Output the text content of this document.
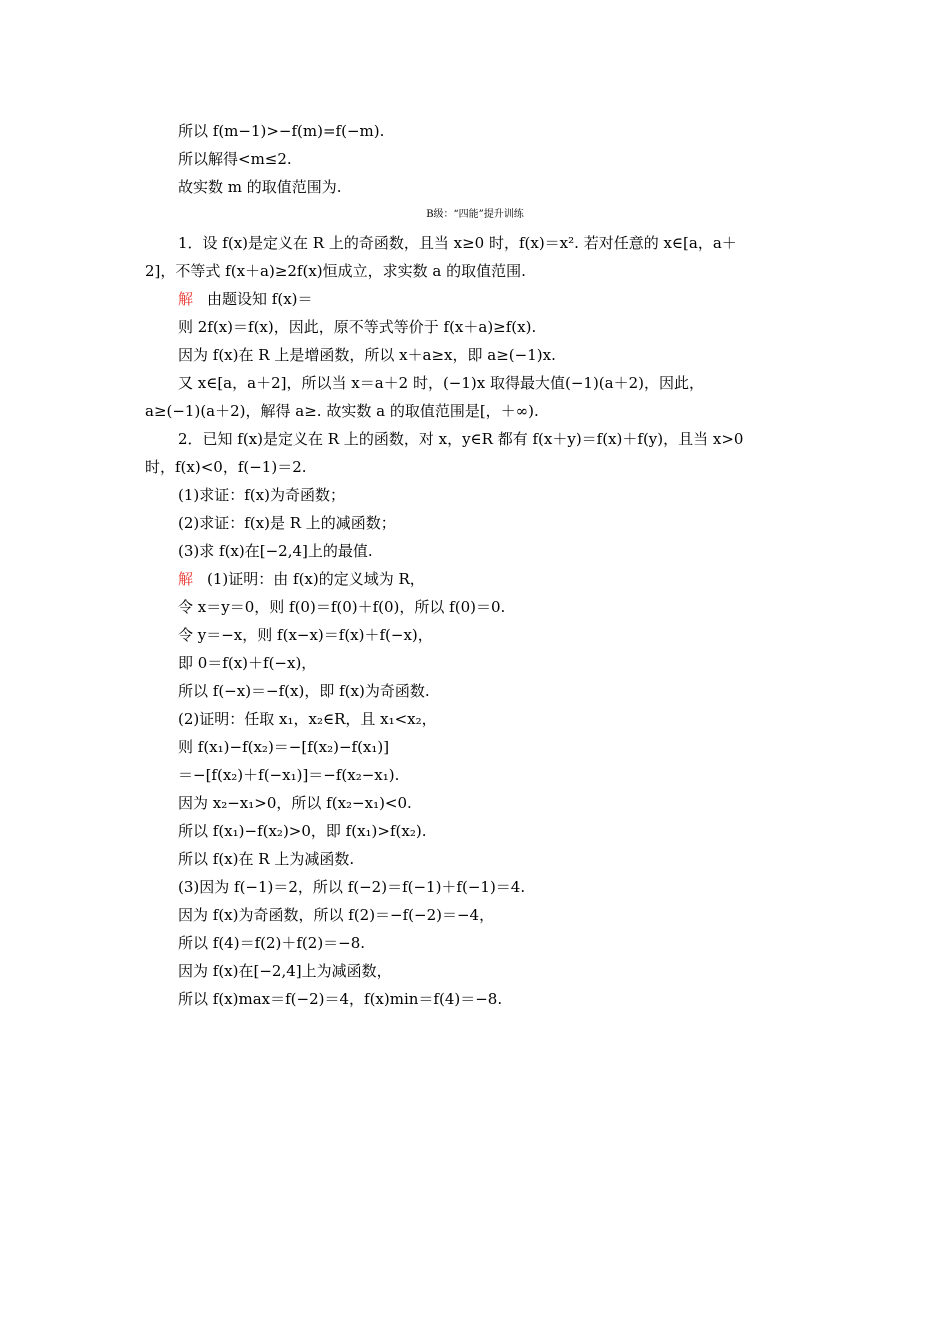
所以 f(m−1)>−f(m)=f(−m).
所以解得<m≤2.
故实数 m 的取值范围为.
B级：“四能”提升训练
1．设 f(x)是定义在 R 上的奇函数，且当 x≥0 时，f(x)＝x². 若对任意的 x∈[a，a＋
2]，不等式 f(x＋a)≥2f(x)恒成立，求实数 a 的取值范围.
解 由题设知 f(x)＝
则 2f(x)＝f(x)，因此，原不等式等价于 f(x＋a)≥f(x).
因为 f(x)在 R 上是增函数，所以 x＋a≥x，即 a≥(−1)x.
又 x∈[a，a＋2]，所以当 x＝a＋2 时，(−1)x 取得最大值(−1)(a＋2)，因此，
a≥(−1)(a＋2)，解得 a≥. 故实数 a 的取值范围是[，＋∞).
2．已知 f(x)是定义在 R 上的函数，对 x，y∈R 都有 f(x＋y)＝f(x)＋f(y)，且当 x>0
时，f(x)<0，f(−1)＝2.
(1)求证：f(x)为奇函数；
(2)求证：f(x)是 R 上的减函数；
(3)求 f(x)在[−2,4]上的最值.
解 (1)证明：由 f(x)的定义域为 R，
令 x＝y＝0，则 f(0)＝f(0)＋f(0)，所以 f(0)＝0.
令 y＝−x，则 f(x−x)＝f(x)＋f(−x)，
即 0＝f(x)＋f(−x)，
所以 f(−x)＝−f(x)，即 f(x)为奇函数.
(2)证明：任取 x₁，x₂∈R，且 x₁<x₂，
则 f(x₁)−f(x₂)＝−[f(x₂)−f(x₁)]
＝−[f(x₂)＋f(−x₁)]＝−f(x₂−x₁).
因为 x₂−x₁>0，所以 f(x₂−x₁)<0.
所以 f(x₁)−f(x₂)>0，即 f(x₁)>f(x₂).
所以 f(x)在 R 上为减函数.
(3)因为 f(−1)＝2，所以 f(−2)＝f(−1)＋f(−1)＝4.
因为 f(x)为奇函数，所以 f(2)＝−f(−2)＝−4，
所以 f(4)＝f(2)＋f(2)＝−8.
因为 f(x)在[−2,4]上为减函数，
所以 f(x)max＝f(−2)＝4，f(x)min＝f(4)＝−8.
